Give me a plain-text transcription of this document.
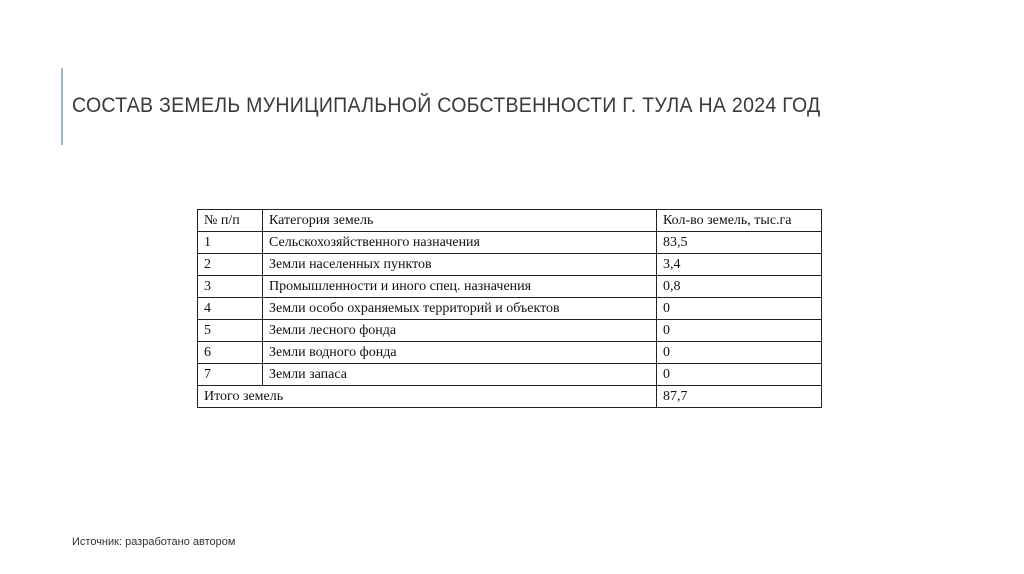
СОСТАВ ЗЕМЕЛЬ МУНИЦИПАЛЬНОЙ СОБСТВЕННОСТИ Г. ТУЛА НА 2024 ГОД
№ п/п	Категория земель	Кол-во земель, тыс.га
1	Сельскохозяйственного назначения	83,5
2	Земли населенных пунктов	3,4
3	Промышленности и иного спец. назначения	0,8
4	Земли особо охраняемых территорий и объектов	0
5	Земли лесного фонда	0
6	Земли водного фонда	0
7	Земли запаса	0
Итого земель		87,7
Источник: разработано автором
